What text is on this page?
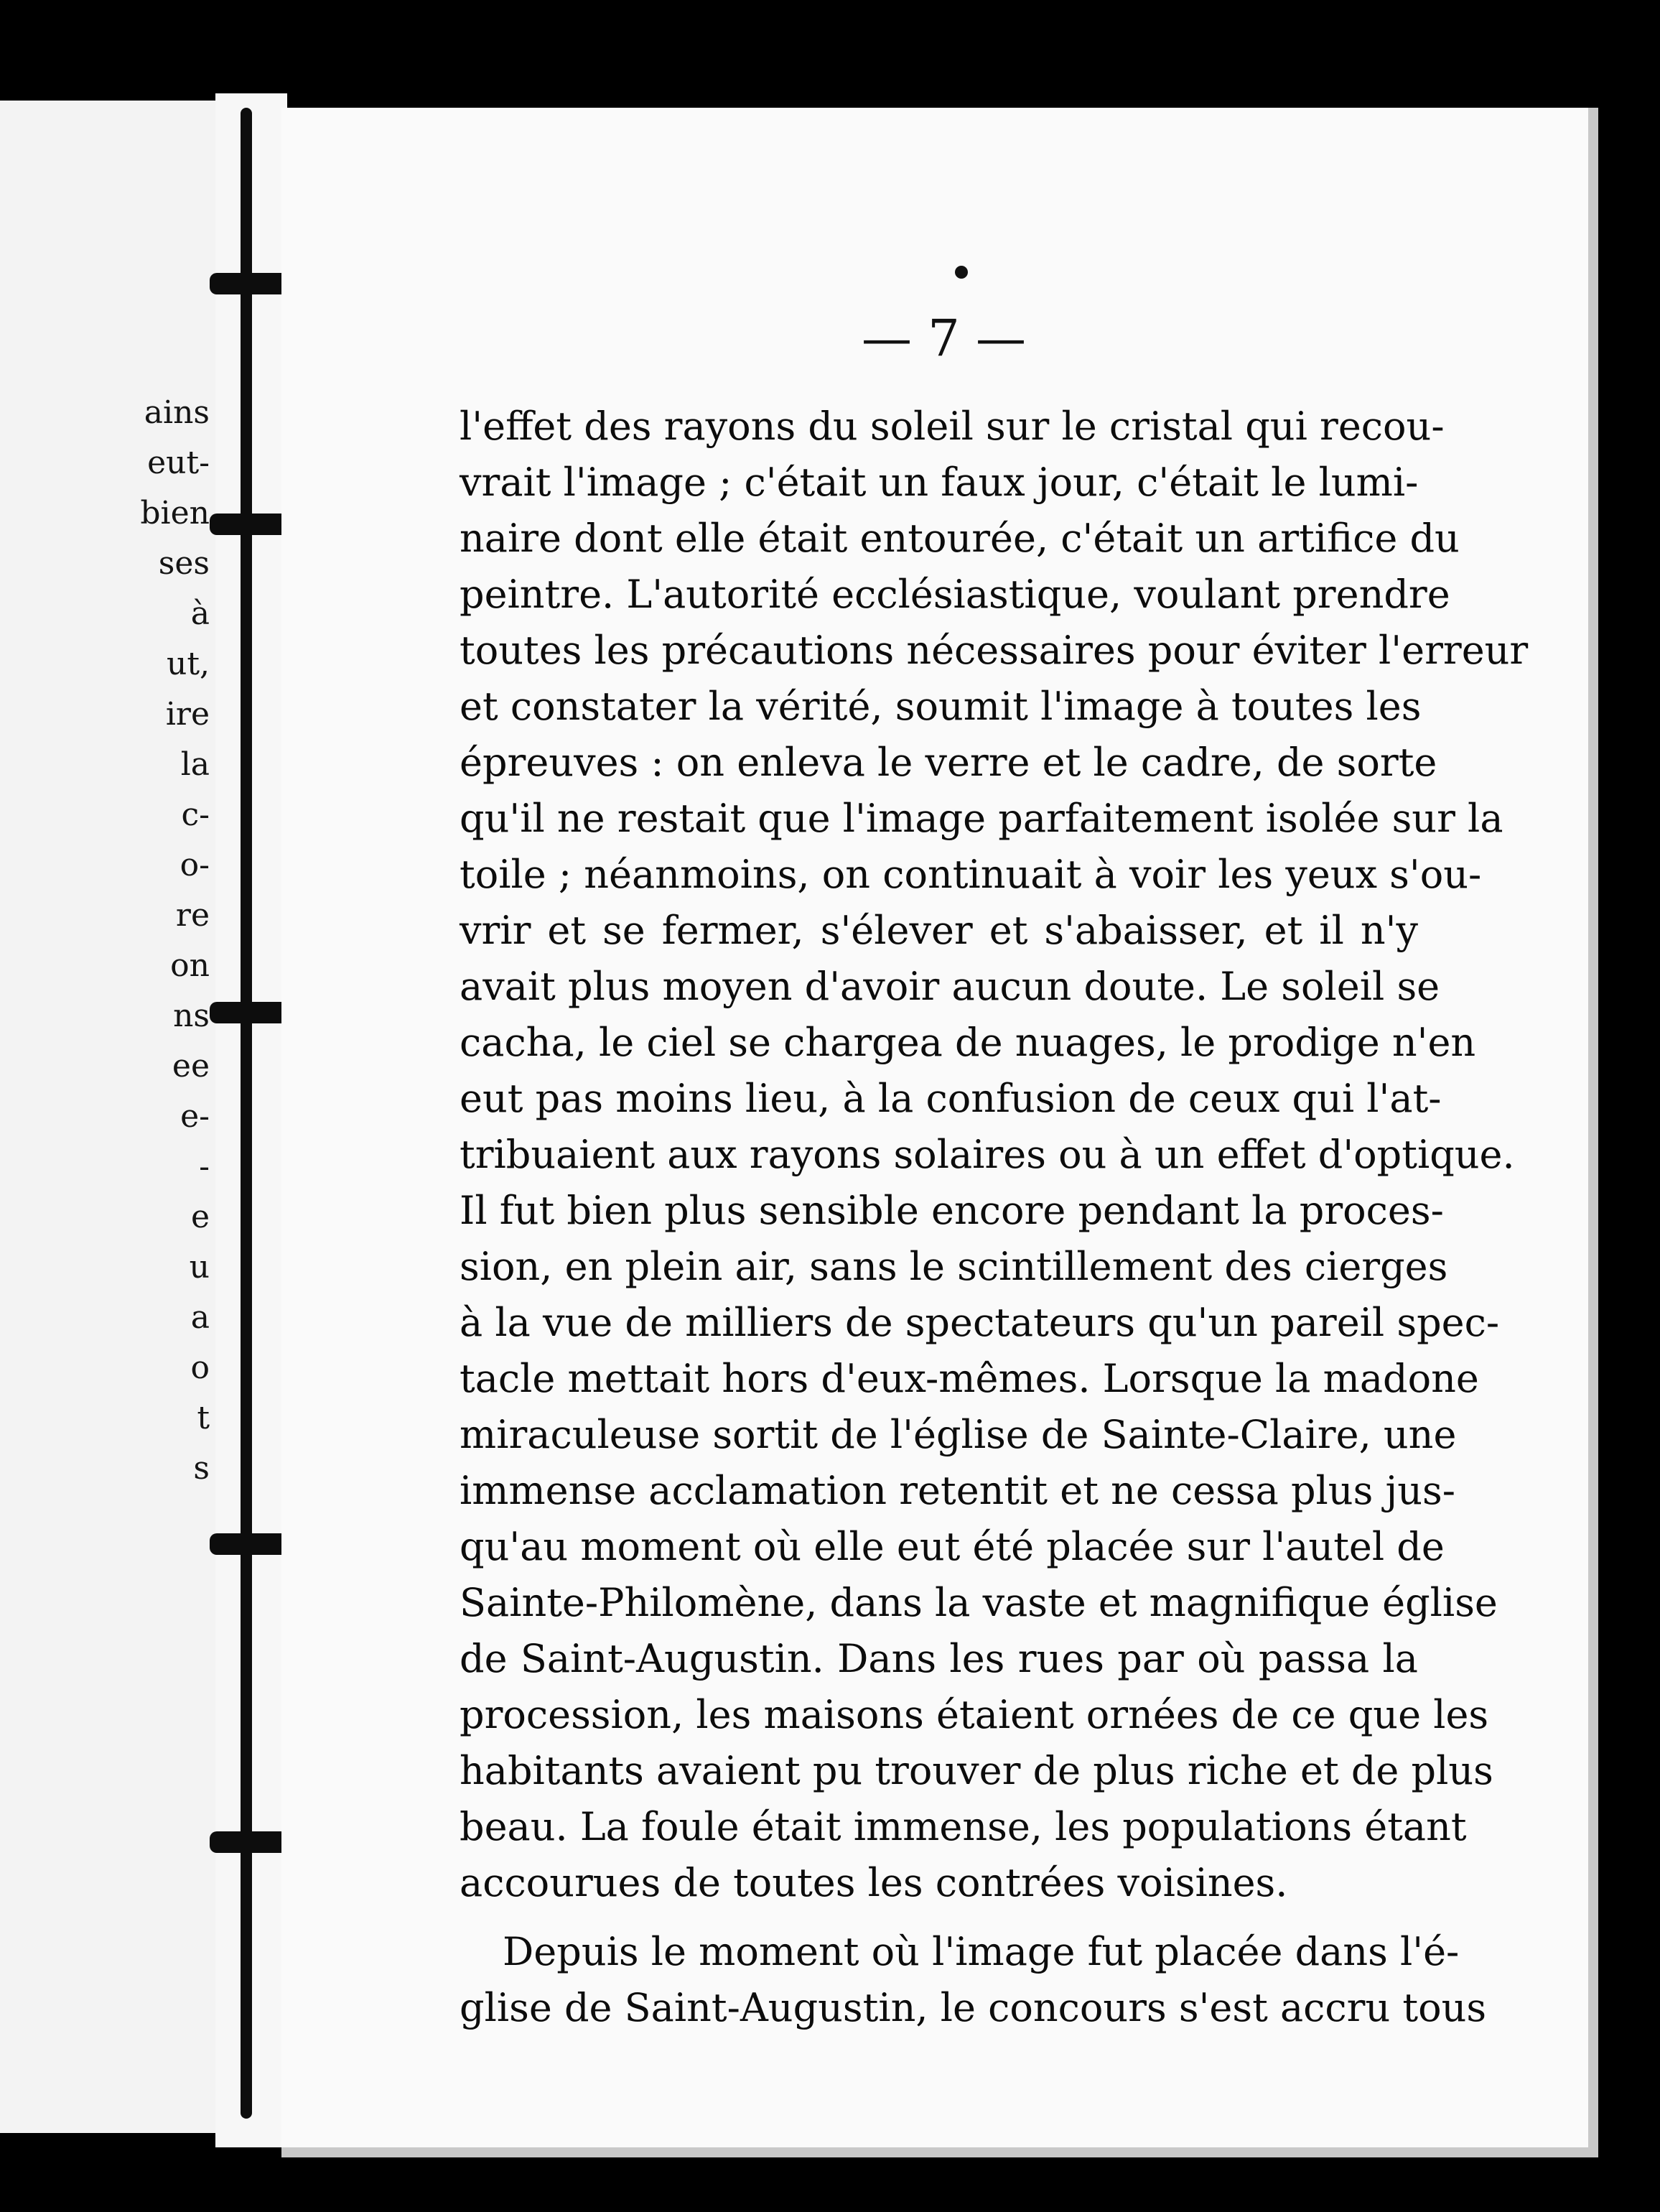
ains
eut-
bien
ses
à
ut,
ire
la
c-
o-
re
on
ns
ee
e-
-
e
u
a
o
t
s
— 7 —
l'effet des rayons du soleil sur le cristal qui recou-
vrait l'image ; c'était un faux jour, c'était le lumi-
naire dont elle était entourée, c'était un artifice du
peintre. L'autorité ecclésiastique, voulant prendre
toutes les précautions nécessaires pour éviter l'erreur
et constater la vérité, soumit l'image à toutes les
épreuves : on enleva le verre et le cadre, de sorte
qu'il ne restait que l'image parfaitement isolée sur la
toile ; néanmoins, on continuait à voir les yeux s'ou-
vrir et se fermer, s'élever et s'abaisser, et il n'y
avait plus moyen d'avoir aucun doute. Le soleil se
cacha, le ciel se chargea de nuages, le prodige n'en
eut pas moins lieu, à la confusion de ceux qui l'at-
tribuaient aux rayons solaires ou à un effet d'optique.
Il fut bien plus sensible encore pendant la proces-
sion, en plein air, sans le scintillement des cierges
à la vue de milliers de spectateurs qu'un pareil spec-
tacle mettait hors d'eux-mêmes. Lorsque la madone
miraculeuse sortit de l'église de Sainte-Claire, une
immense acclamation retentit et ne cessa plus jus-
qu'au moment où elle eut été placée sur l'autel de
Sainte-Philomène, dans la vaste et magnifique église
de Saint-Augustin. Dans les rues par où passa la
procession, les maisons étaient ornées de ce que les
habitants avaient pu trouver de plus riche et de plus
beau. La foule était immense, les populations étant
accourues de toutes les contrées voisines.
Depuis le moment où l'image fut placée dans l'é-
glise de Saint-Augustin, le concours s'est accru tous
